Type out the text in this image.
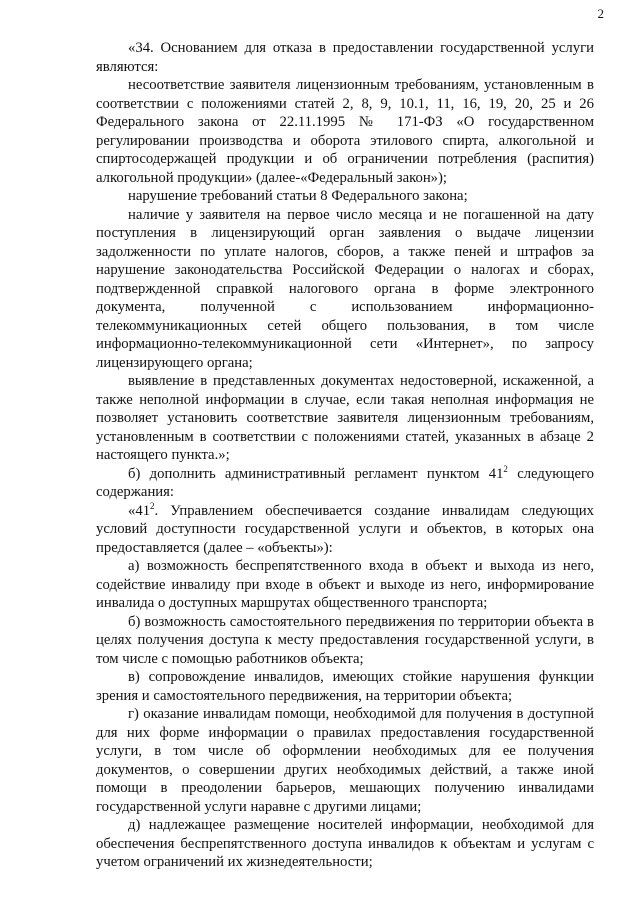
2

«34. Основанием для отказа в предоставлении государственной услуги являются:

несоответствие заявителя лицензионным требованиям, установленным в соответствии с положениями статей 2, 8, 9, 10.1, 11, 16, 19, 20, 25 и 26 Федерального закона от 22.11.1995 № 171-ФЗ «О государственном регулировании производства и оборота этилового спирта, алкогольной и спиртосодержащей продукции и об ограничении потребления (распития) алкогольной продукции» (далее-«Федеральный закон»);

нарушение требований статьи 8 Федерального закона;

наличие у заявителя на первое число месяца и не погашенной на дату поступления в лицензирующий орган заявления о выдаче лицензии задолженности по уплате налогов, сборов, а также пеней и штрафов за нарушение законодательства Российской Федерации о налогах и сборах, подтвержденной справкой налогового органа в форме электронного документа, полученной с использованием информационно-телекоммуникационных сетей общего пользования, в том числе информационно-телекоммуникационной сети «Интернет», по запросу лицензирующего органа;

выявление в представленных документах недостоверной, искаженной, а также неполной информации в случае, если такая неполная информация не позволяет установить соответствие заявителя лицензионным требованиям, установленным в соответствии с положениями статей, указанных в абзаце 2 настоящего пункта.»;

б) дополнить административный регламент пунктом $41^2$ следующего содержания:

«$41^2$. Управлением обеспечивается создание инвалидам следующих условий доступности государственной услуги и объектов, в которых она предоставляется (далее – «объекты»):

а) возможность беспрепятственного входа в объект и выхода из него, содействие инвалиду при входе в объект и выходе из него, информирование инвалида о доступных маршрутах общественного транспорта;

б) возможность самостоятельного передвижения по территории объекта в целях получения доступа к месту предоставления государственной услуги, в том числе с помощью работников объекта;

в) сопровождение инвалидов, имеющих стойкие нарушения функции зрения и самостоятельного передвижения, на территории объекта;

г) оказание инвалидам помощи, необходимой для получения в доступной для них форме информации о правилах предоставления государственной услуги, в том числе об оформлении необходимых для ее получения документов, о совершении других необходимых действий, а также иной помощи в преодолении барьеров, мешающих получению инвалидами государственной услуги наравне с другими лицами;

д) надлежащее размещение носителей информации, необходимой для обеспечения беспрепятственного доступа инвалидов к объектам и услугам с учетом ограничений их жизнедеятельности;
